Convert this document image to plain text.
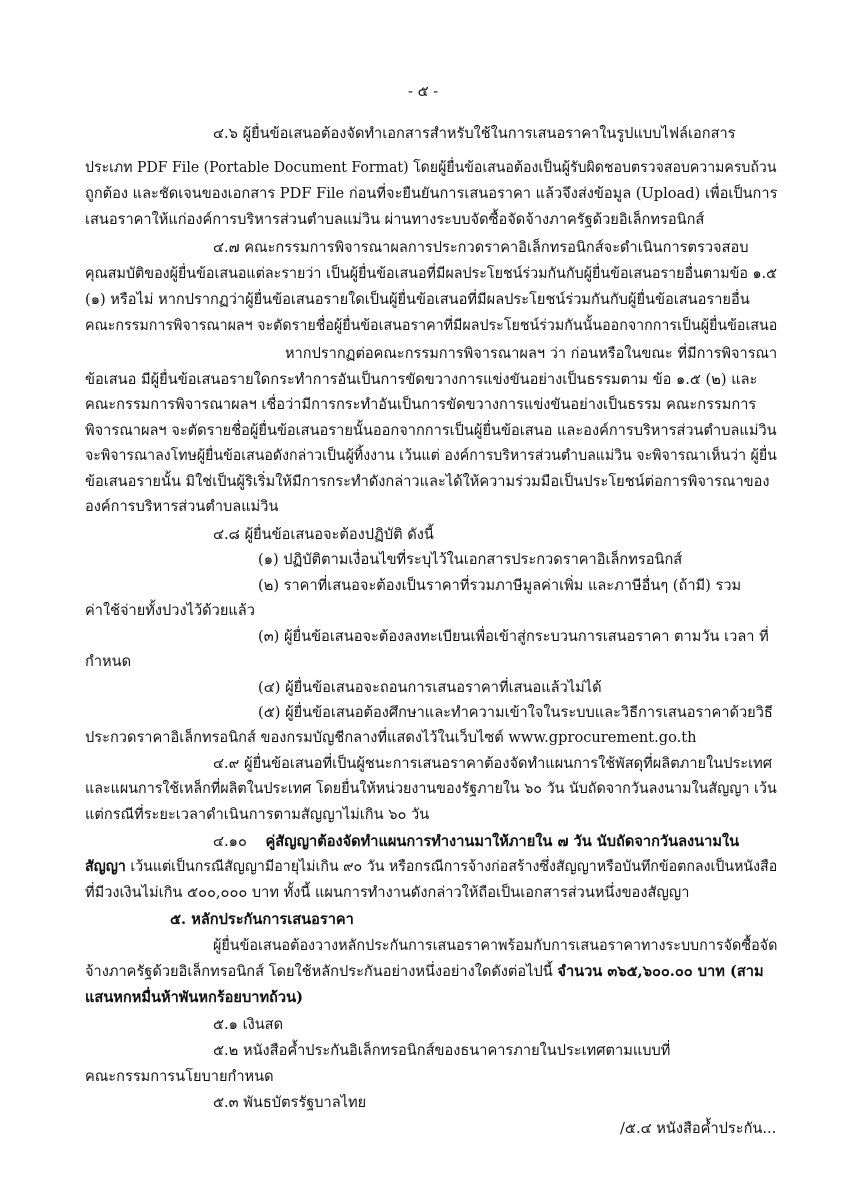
- ๕ -
๔.๖ ผู้ยื่นข้อเสนอต้องจัดทำเอกสารสำหรับใช้ในการเสนอราคาในรูปแบบไฟล์เอกสาร
ประเภท PDF File (Portable Document Format) โดยผู้ยื่นข้อเสนอต้องเป็นผู้รับผิดชอบตรวจสอบความครบถ้วน
ถูกต้อง และชัดเจนของเอกสาร PDF File ก่อนที่จะยืนยันการเสนอราคา แล้วจึงส่งข้อมูล (Upload) เพื่อเป็นการ
เสนอราคาให้แก่องค์การบริหารส่วนตำบลแม่วิน ผ่านทางระบบจัดซื้อจัดจ้างภาครัฐด้วยอิเล็กทรอนิกส์
๔.๗ คณะกรรมการพิจารณาผลการประกวดราคาอิเล็กทรอนิกส์จะดำเนินการตรวจสอบ
คุณสมบัติของผู้ยื่นข้อเสนอแต่ละรายว่า เป็นผู้ยื่นข้อเสนอที่มีผลประโยชน์ร่วมกันกับผู้ยื่นข้อเสนอรายอื่นตามข้อ ๑.๕
(๑) หรือไม่ หากปรากฏว่าผู้ยื่นข้อเสนอรายใดเป็นผู้ยื่นข้อเสนอที่มีผลประโยชน์ร่วมกันกับผู้ยื่นข้อเสนอรายอื่น
คณะกรรมการพิจารณาผลฯ จะตัดรายชื่อผู้ยื่นข้อเสนอราคาที่มีผลประโยชน์ร่วมกันนั้นออกจากการเป็นผู้ยื่นข้อเสนอ
หากปรากฏต่อคณะกรรมการพิจารณาผลฯ ว่า ก่อนหรือในขณะ ที่มีการพิจารณา
ข้อเสนอ มีผู้ยื่นข้อเสนอรายใดกระทำการอันเป็นการขัดขวางการแข่งขันอย่างเป็นธรรมตาม ข้อ ๑.๕ (๒) และ
คณะกรรมการพิจารณาผลฯ เชื่อว่ามีการกระทำอันเป็นการขัดขวางการแข่งขันอย่างเป็นธรรม คณะกรรมการ
พิจารณาผลฯ จะตัดรายชื่อผู้ยื่นข้อเสนอรายนั้นออกจากการเป็นผู้ยื่นข้อเสนอ และองค์การบริหารส่วนตำบลแม่วิน
จะพิจารณาลงโทษผู้ยื่นข้อเสนอดังกล่าวเป็นผู้ทิ้งงาน เว้นแต่ องค์การบริหารส่วนตำบลแม่วิน จะพิจารณาเห็นว่า ผู้ยื่น
ข้อเสนอรายนั้น มิใช่เป็นผู้ริเริ่มให้มีการกระทำดังกล่าวและได้ให้ความร่วมมือเป็นประโยชน์ต่อการพิจารณาของ
องค์การบริหารส่วนตำบลแม่วิน
๔.๘ ผู้ยื่นข้อเสนอจะต้องปฏิบัติ ดังนี้
(๑) ปฏิบัติตามเงื่อนไขที่ระบุไว้ในเอกสารประกวดราคาอิเล็กทรอนิกส์
(๒) ราคาที่เสนอจะต้องเป็นราคาที่รวมภาษีมูลค่าเพิ่ม และภาษีอื่นๆ (ถ้ามี) รวม
ค่าใช้จ่ายทั้งปวงไว้ด้วยแล้ว
(๓) ผู้ยื่นข้อเสนอจะต้องลงทะเบียนเพื่อเข้าสู่กระบวนการเสนอราคา ตามวัน เวลา ที่
กำหนด
(๔) ผู้ยื่นข้อเสนอจะถอนการเสนอราคาที่เสนอแล้วไม่ได้
(๕) ผู้ยื่นข้อเสนอต้องศึกษาและทำความเข้าใจในระบบและวิธีการเสนอราคาด้วยวิธี
ประกวดราคาอิเล็กทรอนิกส์ ของกรมบัญชีกลางที่แสดงไว้ในเว็บไซต์ www.gprocurement.go.th
๔.๙ ผู้ยื่นข้อเสนอที่เป็นผู้ชนะการเสนอราคาต้องจัดทำแผนการใช้พัสดุที่ผลิตภายในประเทศ
และแผนการใช้เหล็กที่ผลิตในประเทศ โดยยื่นให้หน่วยงานของรัฐภายใน ๖๐ วัน นับถัดจากวันลงนามในสัญญา เว้น
แต่กรณีที่ระยะเวลาดำเนินการตามสัญญาไม่เกิน ๖๐ วัน
๔.๑๐ คู่สัญญาต้องจัดทำแผนการทำงานมาให้ภายใน ๗ วัน นับถัดจากวันลงนามใน
สัญญา เว้นแต่เป็นกรณีสัญญามีอายุไม่เกิน ๙๐ วัน หรือกรณีการจ้างก่อสร้างซึ่งสัญญาหรือบันทึกข้อตกลงเป็นหนังสือ
ที่มีวงเงินไม่เกิน ๕๐๐,๐๐๐ บาท ทั้งนี้ แผนการทำงานดังกล่าวให้ถือเป็นเอกสารส่วนหนึ่งของสัญญา
๕. หลักประกันการเสนอราคา
ผู้ยื่นข้อเสนอต้องวางหลักประกันการเสนอราคาพร้อมกับการเสนอราคาทางระบบการจัดซื้อจัด
จ้างภาครัฐด้วยอิเล็กทรอนิกส์ โดยใช้หลักประกันอย่างหนึ่งอย่างใดดังต่อไปนี้ จำนวน ๓๖๕,๖๐๐.๐๐ บาท (สาม
แสนหกหมื่นห้าพันหกร้อยบาทถ้วน)
๕.๑ เงินสด
๕.๒ หนังสือค้ำประกันอิเล็กทรอนิกส์ของธนาคารภายในประเทศตามแบบที่
คณะกรรมการนโยบายกำหนด
๕.๓ พันธบัตรรัฐบาลไทย
/๕.๔ หนังสือค้ำประกัน...
